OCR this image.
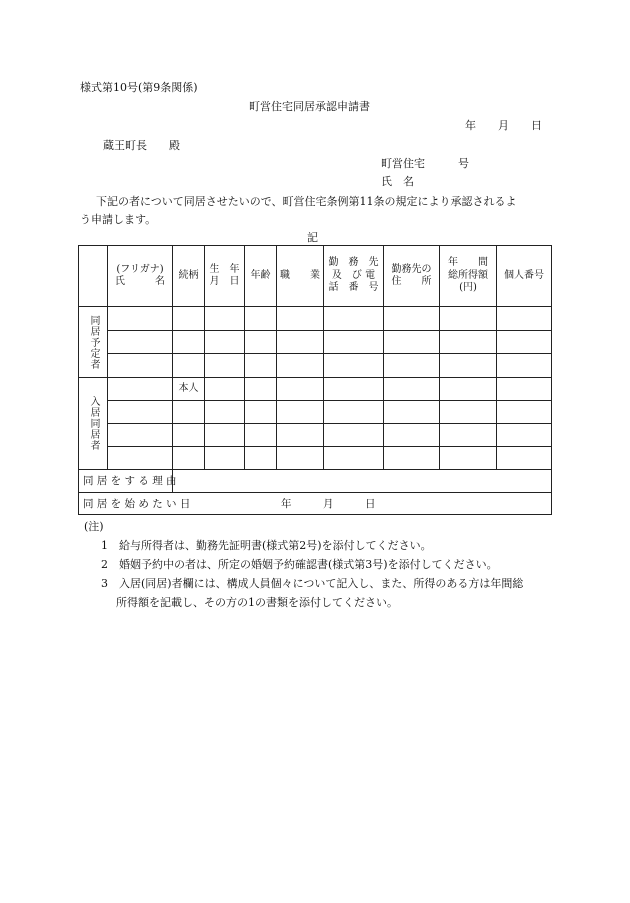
様式第10号(第9条関係)
町営住宅同居承認申請書
年　　月　　日
蔵王町長　　殿
町営住宅　　　号
氏　名
下記の者について同居させたいので、町営住宅条例第11条の規定により承認されるよ
う申請します。
記
(フリガナ)
氏　　　名
続柄
生　年
月　日
年齢 職　　業
勤　務　先
及　び 電
話　番　号
勤務先の
住　　所
年　　間
総所得額
(円)
個人番号
同居予定者
入居同居者
本人
同 居 を す る 理 由
同 居 を 始 め た い 日	年　　　月　　　日
(注)
1　給与所得者は、勤務先証明書(様式第2号)を添付してください。
2　婚姻予約中の者は、所定の婚姻予約確認書(様式第3号)を添付してください。
3　入居(同居)者欄には、構成人員個々について記入し、また、所得のある方は年間総
所得額を記載し、その方の1の書類を添付してください。
